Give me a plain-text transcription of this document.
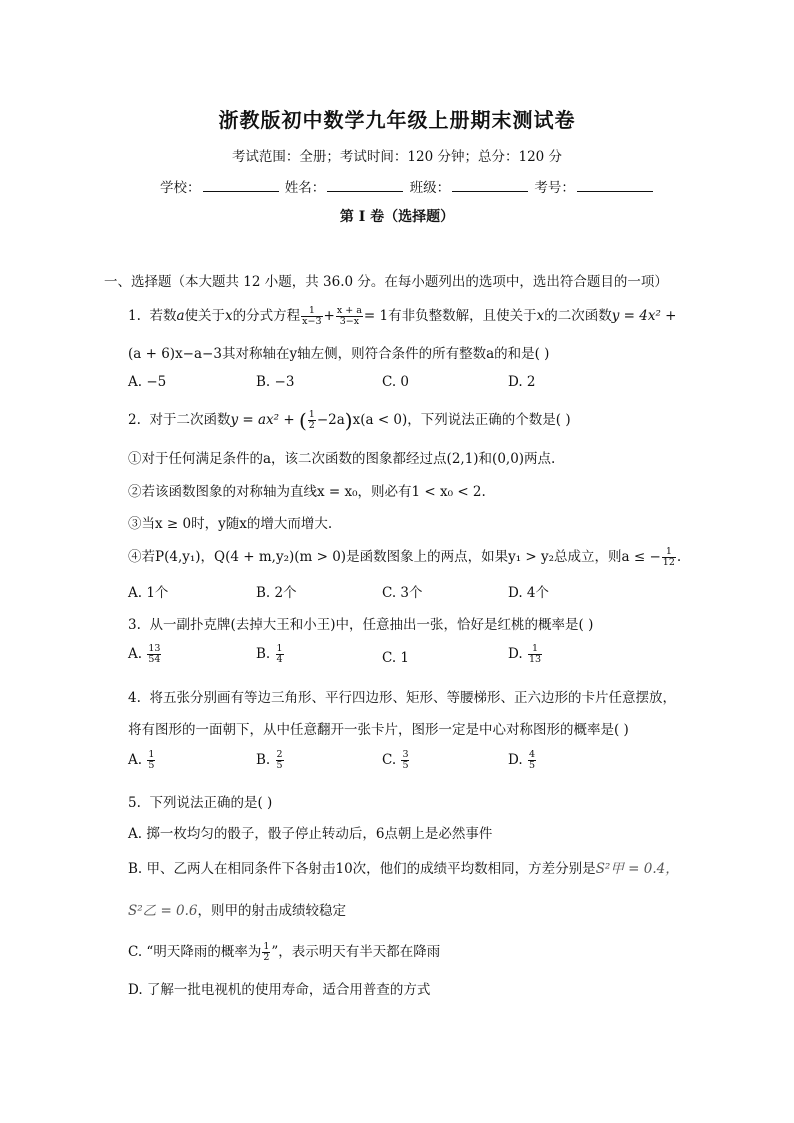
浙教版初中数学九年级上册期末测试卷
考试范围：全册；考试时间：120 分钟；总分：120 分
学校：	姓名：	班级：	考号：
第 I 卷（选择题）
一、选择题（本大题共 12 小题，共 36.0 分。在每小题列出的选项中，选出符合题目的一项）
1. 若数a使关于x的分式方程 $\frac{1}{x-3} + \frac{x + a}{3-x} = 1$有非负整数解，且使关于x的二次函数y = 4x² +
(a + 6)x−a−3其对称轴在y轴左侧，则符合条件的所有整数a的和是( )
A. −5	B. −3	C. 0	D. 2
2. 对于二次函数y = ax² + ( $\frac{1}{2} -2a)x(a < 0)$，下列说法正确的个数是( )
①对于任何满足条件的a，该二次函数的图象都经过点(2,1)和(0,0)两点.
②若该函数图象的对称轴为直线x = x₀，则必有1 < x₀ < 2.
③当x ≥ 0时，y随x的增大而增大.
④若P(4,y₁)，Q(4 + m,y₂)(m > 0)是函数图象上的两点，如果y₁ > y₂总成立，则a ≤ − $\frac{1}{12}$ .
A. 1个	B. 2个	C. 3个	D. 4个
3. 从一副扑克牌(去掉大王和小王)中，任意抽出一张，恰好是红桃的概率是( )
A. $\frac{13}{54}$	B. $\frac{1}{4}$	C. 1	D. $\frac{1}{13}$
4. 将五张分别画有等边三角形、平行四边形、矩形、等腰梯形、正六边形的卡片任意摆放，
将有图形的一面朝下，从中任意翻开一张卡片，图形一定是中心对称图形的概率是( )
A. $\frac{1}{5}$	B. $\frac{2}{5}$	C. $\frac{3}{5}$	D. $\frac{4}{5}$
5. 下列说法正确的是( )
A. 掷一枚均匀的骰子，骰子停止转动后，6点朝上是必然事件
B. 甲、乙两人在相同条件下各射击10次，他们的成绩平均数相同，方差分别是S²甲 = 0.4，
S²乙 = 0.6，则甲的射击成绩较稳定
C. “明天降雨的概率为 $\frac{1}{2}$ ”，表示明天有半天都在降雨
D. 了解一批电视机的使用寿命，适合用普查的方式
